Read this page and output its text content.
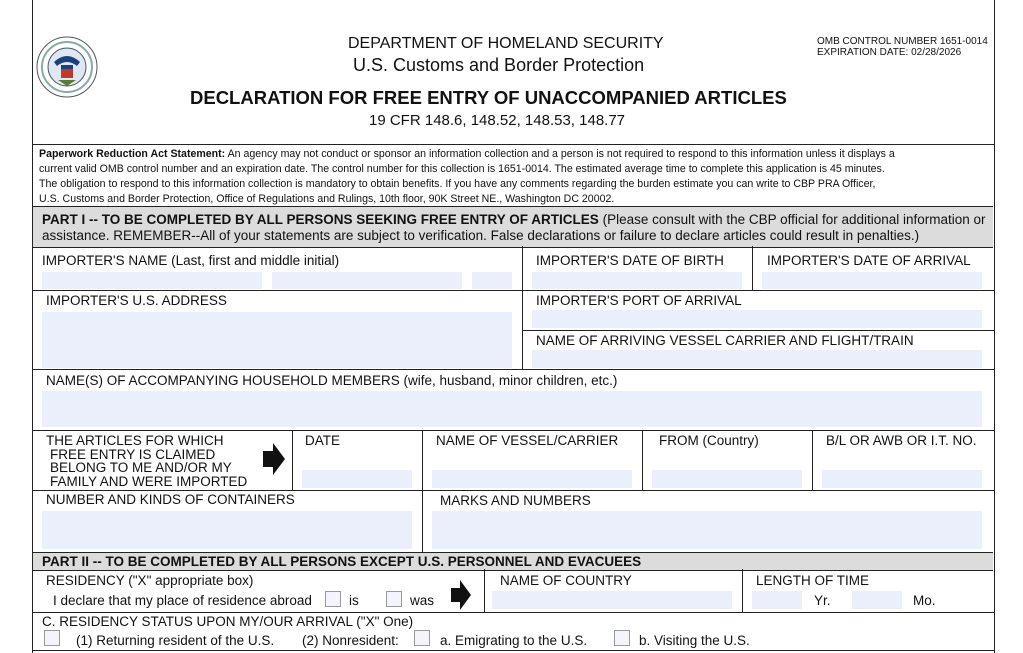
DEPARTMENT OF HOMELAND SECURITY
U.S. Customs and Border Protection
OMB CONTROL NUMBER 1651-0014
EXPIRATION DATE: 02/28/2026
DECLARATION FOR FREE ENTRY OF UNACCOMPANIED ARTICLES
19 CFR 148.6, 148.52, 148.53, 148.77
Paperwork Reduction Act Statement: An agency may not conduct or sponsor an information collection and a person is not required to respond to this information unless it displays a
current valid OMB control number and an expiration date. The control number for this collection is 1651-0014. The estimated average time to complete this application is 45 minutes.
The obligation to respond to this information collection is mandatory to obtain benefits. If you have any comments regarding the burden estimate you can write to CBP PRA Officer,
U.S. Customs and Border Protection, Office of Regulations and Rulings, 10th floor, 90K Street NE., Washington DC 20002.
PART I -- TO BE COMPLETED BY ALL PERSONS SEEKING FREE ENTRY OF ARTICLES (Please consult with the CBP official for additional information or
assistance. REMEMBER--All of your statements are subject to verification. False declarations or failure to declare articles could result in penalties.)
IMPORTER'S NAME (Last, first and middle initial)	IMPORTER'S DATE OF BIRTH	IMPORTER'S DATE OF ARRIVAL
IMPORTER'S U.S. ADDRESS	IMPORTER'S PORT OF ARRIVAL
NAME OF ARRIVING VESSEL CARRIER AND FLIGHT/TRAIN
NAME(S) OF ACCOMPANYING HOUSEHOLD MEMBERS (wife, husband, minor children, etc.)
THE ARTICLES FOR WHICH
FREE ENTRY IS CLAIMED
BELONG TO ME AND/OR MY
FAMILY AND WERE IMPORTED
DATE	NAME OF VESSEL/CARRIER	FROM (Country)	B/L OR AWB OR I.T. NO.
NUMBER AND KINDS OF CONTAINERS	MARKS AND NUMBERS
PART II -- TO BE COMPLETED BY ALL PERSONS EXCEPT U.S. PERSONNEL AND EVACUEES
RESIDENCY ("X" appropriate box)
I declare that my place of residence abroad	is	was
NAME OF COUNTRY	LENGTH OF TIME
Yr.	Mo.
C. RESIDENCY STATUS UPON MY/OUR ARRIVAL ("X" One)
(1) Returning resident of the U.S. (2) Nonresident:	a. Emigrating to the U.S.	b. Visiting the U.S.
